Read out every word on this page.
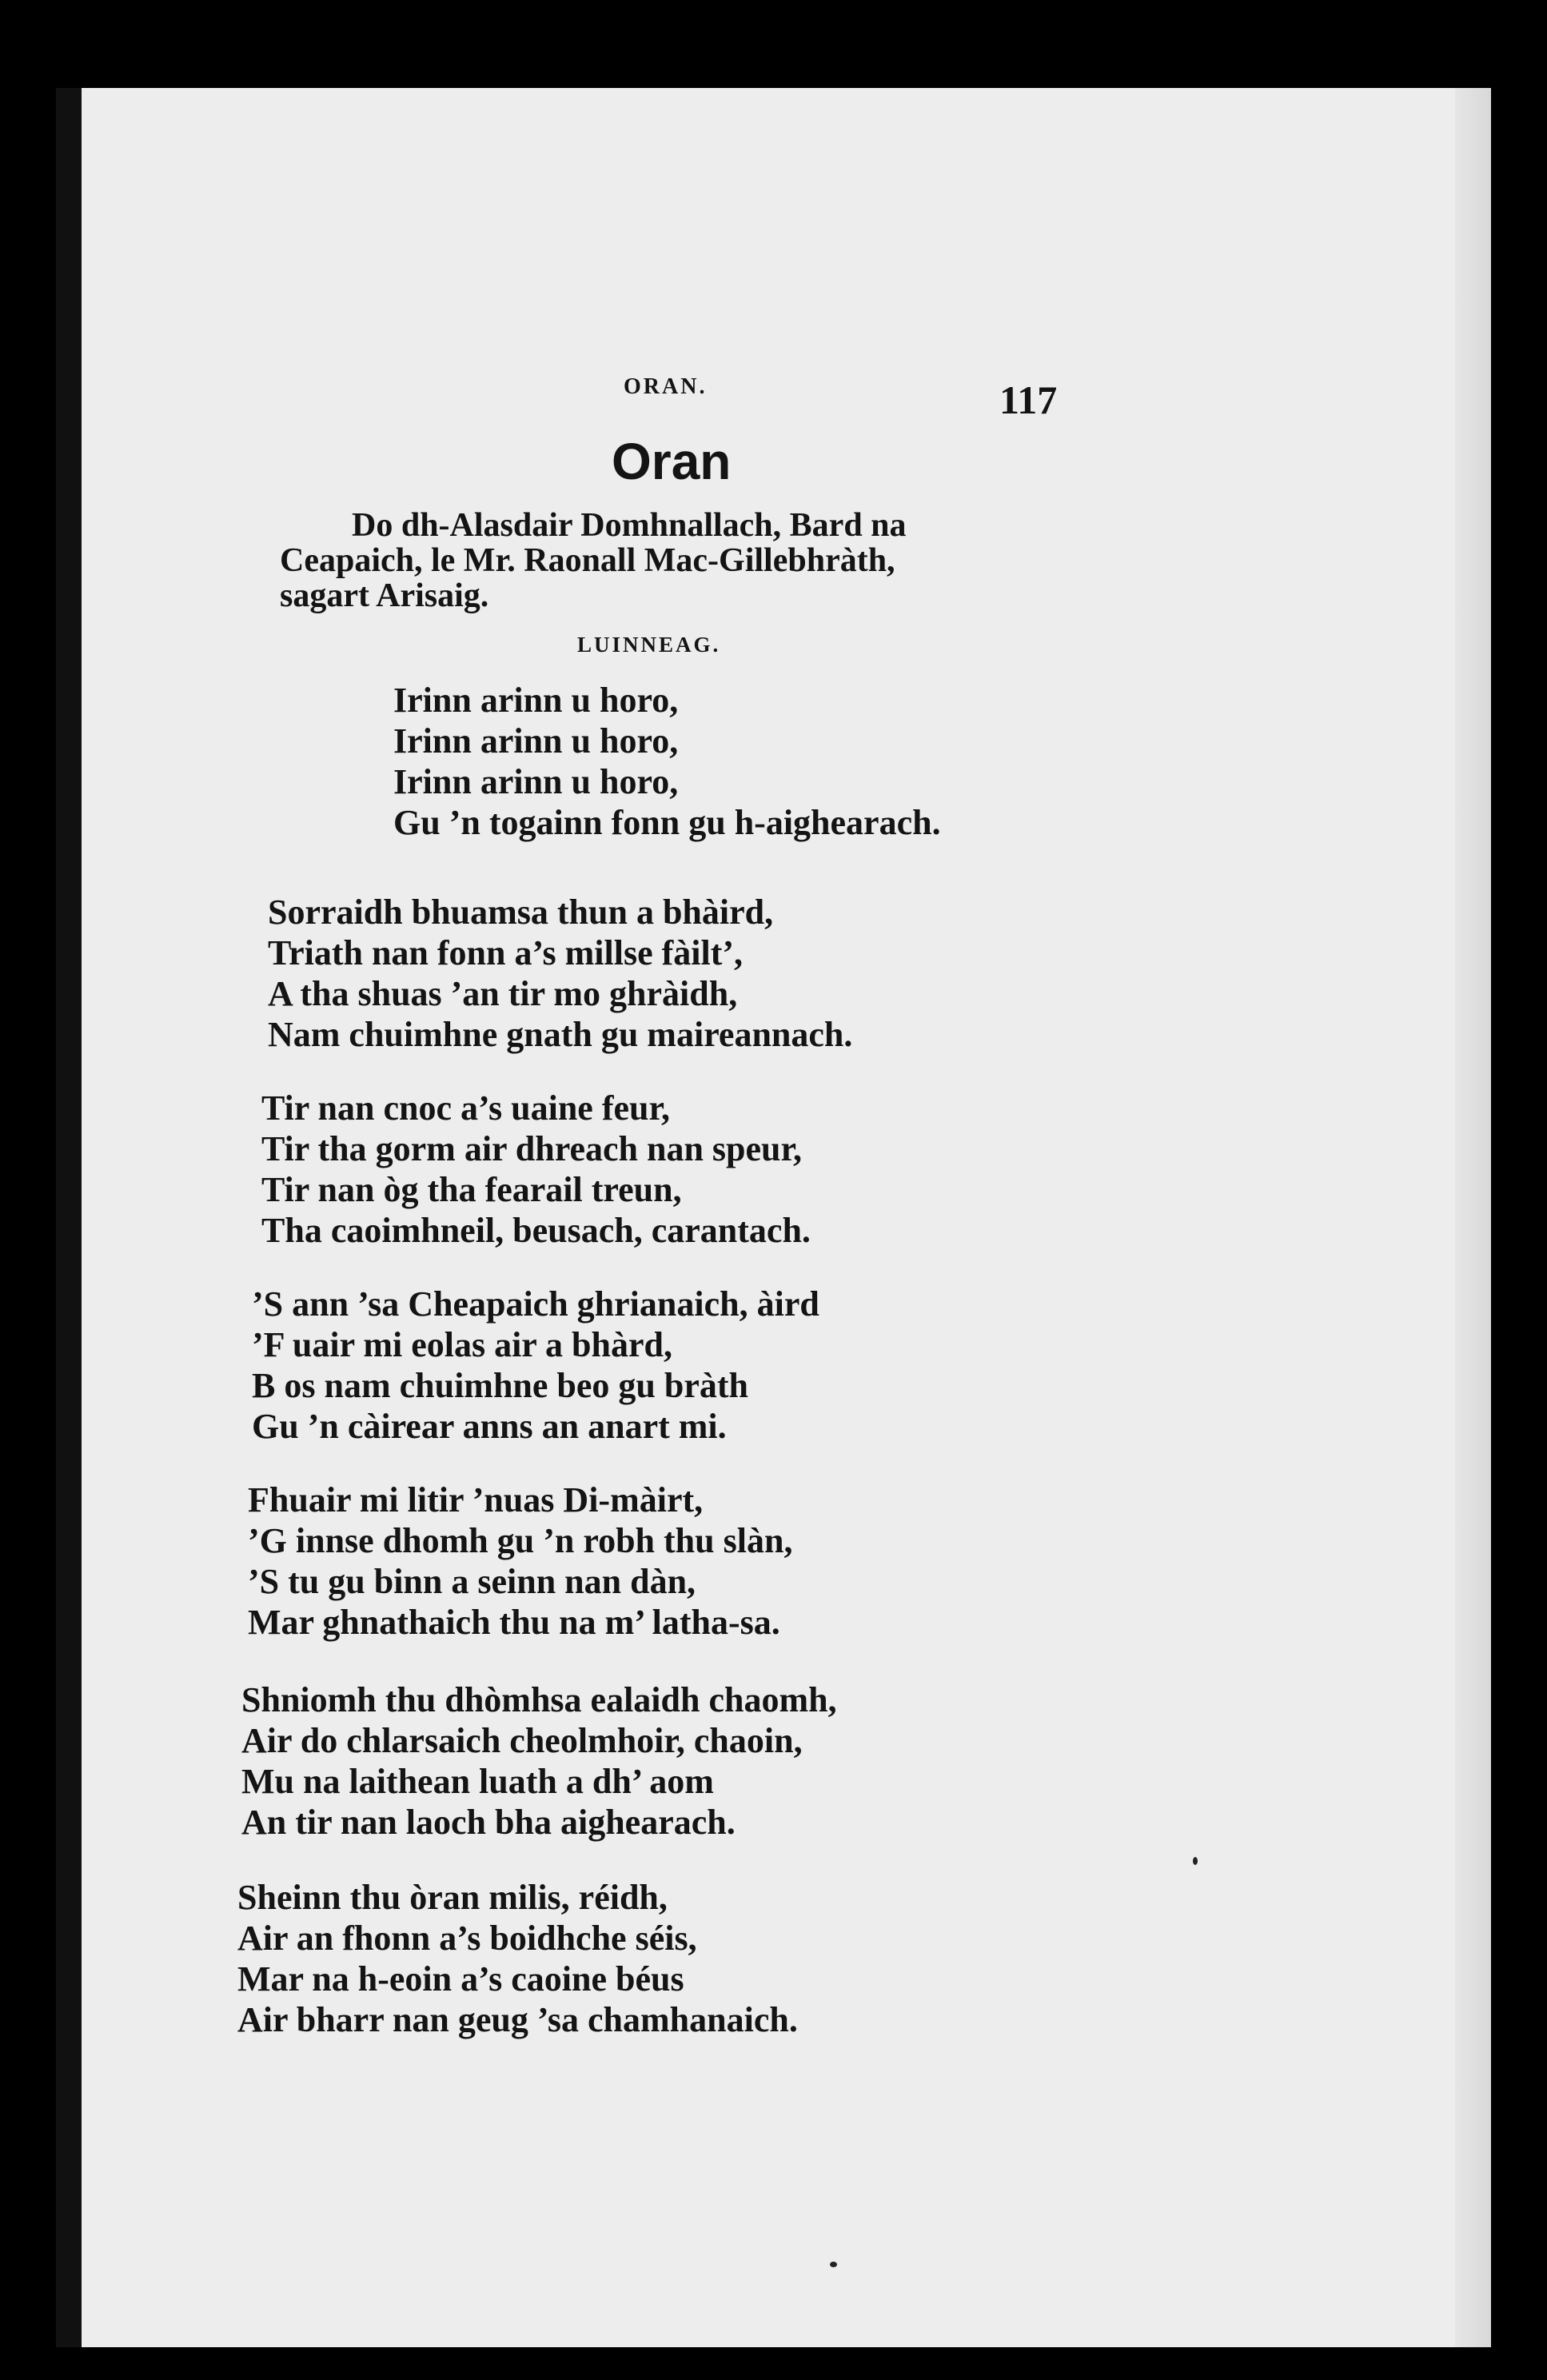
ORAN.	117
Oran
Do dh-Alasdair Domhnallach, Bard na
Ceapaich, le Mr. Raonall Mac-Gillebhràth,
sagart Arisaig.
LUINNEAG.
Irinn arinn u horo,
Irinn arinn u horo,
Irinn arinn u horo,
Gu ’n togainn fonn gu h-aighearach.
Sorraidh bhuamsa thun a bhàird,
Triath nan fonn a’s millse fàilt’,
A tha shuas ’an tir mo ghràidh,
Nam chuimhne gnath gu maireannach.
Tir nan cnoc a’s uaine feur,
Tir tha gorm air dhreach nan speur,
Tir nan òg tha fearail treun,
Tha caoimhneil, beusach, carantach.
’S ann ’sa Cheapaich ghrianaich, àird
’F uair mi eolas air a bhàrd,
B os nam chuimhne beo gu bràth
Gu ’n càirear anns an anart mi.
Fhuair mi litir ’nuas Di-màirt,
’G innse dhomh gu ’n robh thu slàn,
’S tu gu binn a seinn nan dàn,
Mar ghnathaich thu na m’ latha-sa.
Shniomh thu dhòmhsa ealaidh chaomh,
Air do chlarsaich cheolmhoir, chaoin,
Mu na laithean luath a dh’ aom
An tir nan laoch bha aighearach.
Sheinn thu òran milis, réidh,
Air an fhonn a’s boidhche séis,
Mar na h-eoin a’s caoine béus
Air bharr nan geug ’sa chamhanaich.
